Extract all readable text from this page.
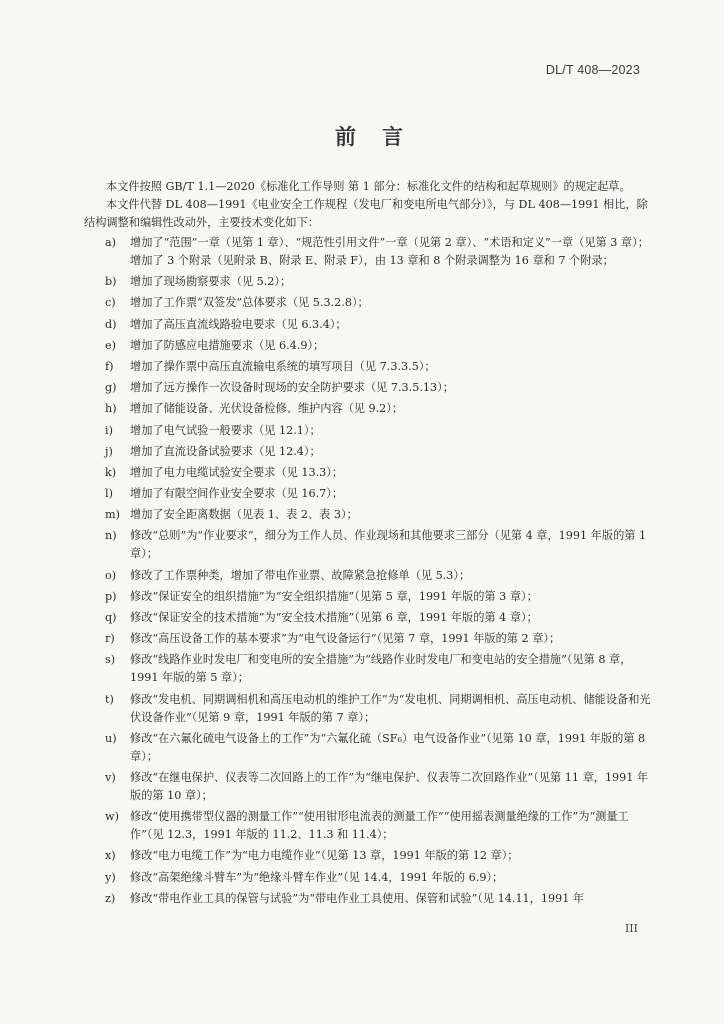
DL/T 408—2023
前言

本文件按照 GB/T 1.1—2020《标准化工作导则 第 1 部分：标准化文件的结构和起草规则》的规定起草。

本文件代替 DL 408—1991《电业安全工作规程（发电厂和变电所电气部分）》，与 DL 408—1991 相比，除结构调整和编辑性改动外，主要技术变化如下：

a) 增加了“范围”一章（见第 1 章）、“规范性引用文件”一章（见第 2 章）、“术语和定义”一章（见第 3 章）；增加了 3 个附录（见附录 B、附录 E、附录 F），由 13 章和 8 个附录调整为 16 章和 7 个附录；
b) 增加了现场勘察要求（见 5.2）；
c) 增加了工作票“双签发”总体要求（见 5.3.2.8）；
d) 增加了高压直流线路验电要求（见 6.3.4）；
e) 增加了防感应电措施要求（见 6.4.9）；
f) 增加了操作票中高压直流输电系统的填写项目（见 7.3.3.5）；
g) 增加了远方操作一次设备时现场的安全防护要求（见 7.3.5.13）；
h) 增加了储能设备、光伏设备检修、维护内容（见 9.2）；
i) 增加了电气试验一般要求（见 12.1）；
j) 增加了直流设备试验要求（见 12.4）；
k) 增加了电力电缆试验安全要求（见 13.3）；
l) 增加了有限空间作业安全要求（见 16.7）；
m) 增加了安全距离数据（见表 1、表 2、表 3）；
n) 修改“总则”为“作业要求”，细分为工作人员、作业现场和其他要求三部分（见第 4 章，1991 年版的第 1 章）；
o) 修改了工作票种类，增加了带电作业票、故障紧急抢修单（见 5.3）；
p) 修改“保证安全的组织措施”为“安全组织措施”（见第 5 章，1991 年版的第 3 章）；
q) 修改“保证安全的技术措施”为“安全技术措施”（见第 6 章，1991 年版的第 4 章）；
r) 修改“高压设备工作的基本要求”为“电气设备运行”（见第 7 章，1991 年版的第 2 章）；
s) 修改“线路作业时发电厂和变电所的安全措施”为“线路作业时发电厂和变电站的安全措施”（见第 8 章，1991 年版的第 5 章）；
t) 修改“发电机、同期调相机和高压电动机的维护工作”为“发电机、同期调相机、高压电动机、储能设备和光伏设备作业”（见第 9 章，1991 年版的第 7 章）；
u) 修改“在六氟化硫电气设备上的工作”为“六氟化硫（SF₆）电气设备作业”（见第 10 章，1991 年版的第 8 章）；
v) 修改“在继电保护、仪表等二次回路上的工作”为“继电保护、仪表等二次回路作业”（见第 11 章，1991 年版的第 10 章）；
w) 修改“使用携带型仪器的测量工作”“使用钳形电流表的测量工作”“使用摇表测量绝缘的工作”为“测量工作”（见 12.3，1991 年版的 11.2、11.3 和 11.4）；
x) 修改“电力电缆工作”为“电力电缆作业”（见第 13 章，1991 年版的第 12 章）；
y) 修改“高架绝缘斗臂车”为“绝缘斗臂车作业”（见 14.4，1991 年版的 6.9）；
z) 修改“带电作业工具的保管与试验”为“带电作业工具使用、保管和试验”（见 14.11，1991 年
III
